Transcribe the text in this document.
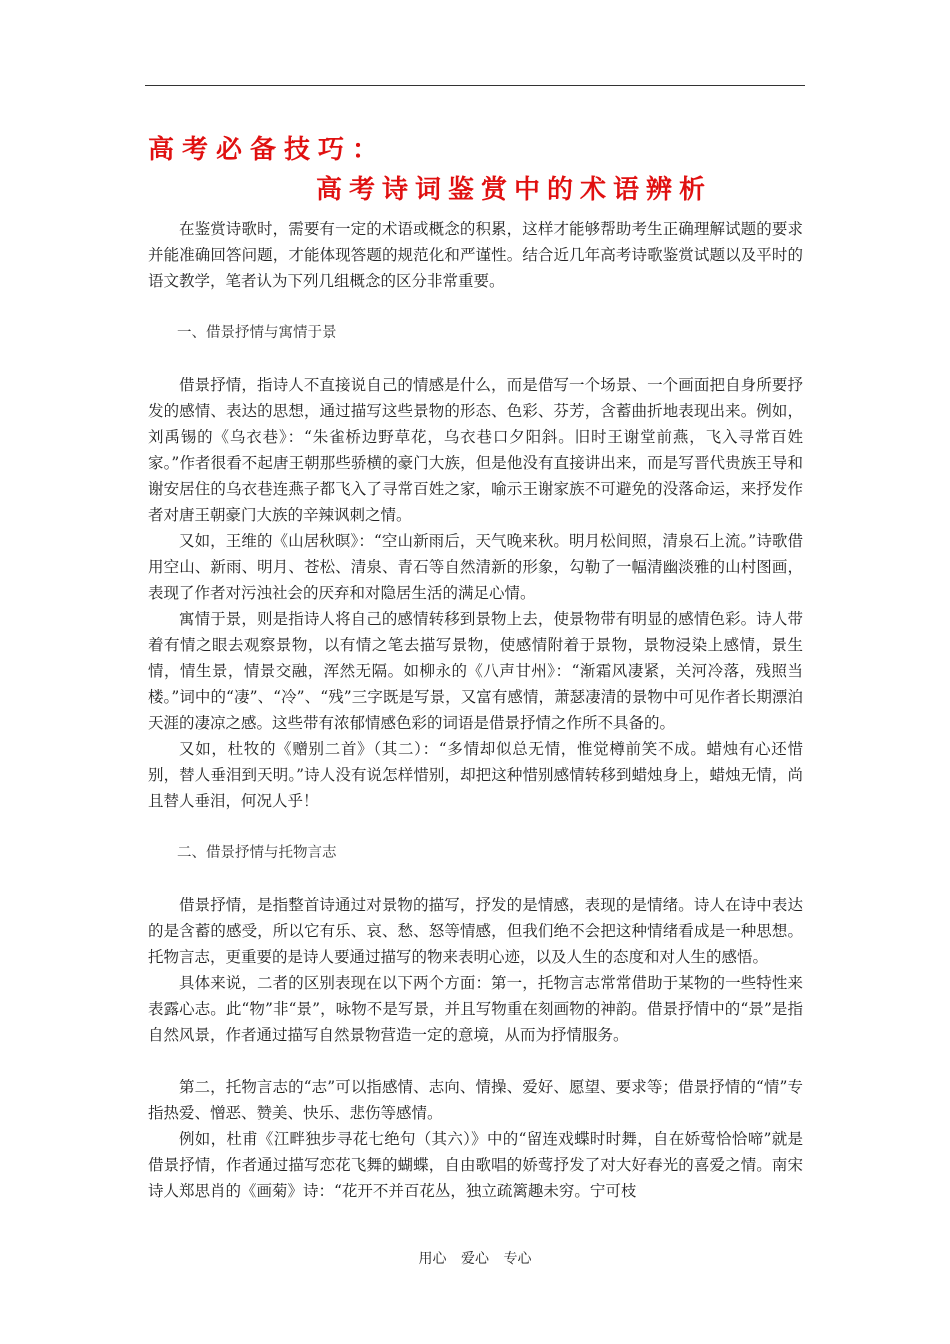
高考必备技巧：
高考诗词鉴赏中的术语辨析

在鉴赏诗歌时，需要有一定的术语或概念的积累，这样才能够帮助考生正确理解试题的要求并能准确回答问题，才能体现答题的规范化和严谨性。结合近几年高考诗歌鉴赏试题以及平时的语文教学，笔者认为下列几组概念的区分非常重要。

一、借景抒情与寓情于景

借景抒情，指诗人不直接说自己的情感是什么，而是借写一个场景、一个画面把自身所要抒发的感情、表达的思想，通过描写这些景物的形态、色彩、芬芳，含蓄曲折地表现出来。例如，刘禹锡的《乌衣巷》：“朱雀桥边野草花，乌衣巷口夕阳斜。旧时王谢堂前燕，飞入寻常百姓家。”作者很看不起唐王朝那些骄横的豪门大族，但是他没有直接讲出来，而是写晋代贵族王导和谢安居住的乌衣巷连燕子都飞入了寻常百姓之家，喻示王谢家族不可避免的没落命运，来抒发作者对唐王朝豪门大族的辛辣讽刺之情。

又如，王维的《山居秋暝》：“空山新雨后，天气晚来秋。明月松间照，清泉石上流。”诗歌借用空山、新雨、明月、苍松、清泉、青石等自然清新的形象，勾勒了一幅清幽淡雅的山村图画，表现了作者对污浊社会的厌弃和对隐居生活的满足心情。

寓情于景，则是指诗人将自己的感情转移到景物上去，使景物带有明显的感情色彩。诗人带着有情之眼去观察景物，以有情之笔去描写景物，使感情附着于景物，景物浸染上感情，景生情，情生景，情景交融，浑然无隔。如柳永的《八声甘州》：“渐霜风凄紧，关河冷落，残照当楼。”词中的“凄”、“冷”、“残”三字既是写景，又富有感情，萧瑟凄清的景物中可见作者长期漂泊天涯的凄凉之感。这些带有浓郁情感色彩的词语是借景抒情之作所不具备的。

又如，杜牧的《赠别二首》（其二）：“多情却似总无情，惟觉樽前笑不成。蜡烛有心还惜别，替人垂泪到天明。”诗人没有说怎样惜别，却把这种惜别感情转移到蜡烛身上，蜡烛无情，尚且替人垂泪，何况人乎！

二、借景抒情与托物言志

借景抒情，是指整首诗通过对景物的描写，抒发的是情感，表现的是情绪。诗人在诗中表达的是含蓄的感受，所以它有乐、哀、愁、怒等情感，但我们绝不会把这种情绪看成是一种思想。托物言志，更重要的是诗人要通过描写的物来表明心迹，以及人生的态度和对人生的感悟。

具体来说，二者的区别表现在以下两个方面：第一，托物言志常常借助于某物的一些特性来表露心志。此“物”非“景”，咏物不是写景，并且写物重在刻画物的神韵。借景抒情中的“景”是指自然风景，作者通过描写自然景物营造一定的意境，从而为抒情服务。

第二，托物言志的“志”可以指感情、志向、情操、爱好、愿望、要求等；借景抒情的“情”专指热爱、憎恶、赞美、快乐、悲伤等感情。

例如，杜甫《江畔独步寻花七绝句（其六）》中的“留连戏蝶时时舞，自在娇莺恰恰啼”就是借景抒情，作者通过描写恋花飞舞的蝴蝶，自由歌唱的娇莺抒发了对大好春光的喜爱之情。南宋诗人郑思肖的《画菊》诗：“花开不并百花丛，独立疏篱趣未穷。宁可枝

用心 爱心 专心
